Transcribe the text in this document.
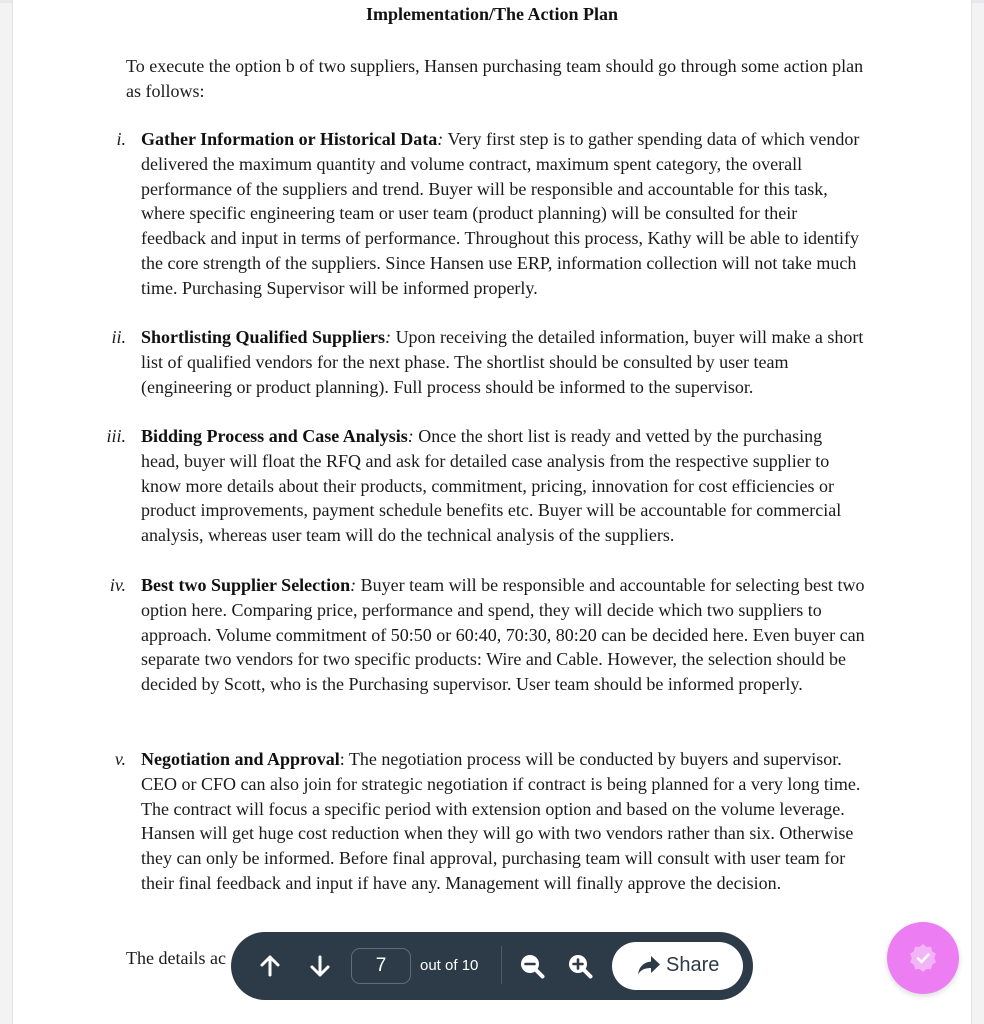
Implementation/The Action Plan
To execute the option b of two suppliers, Hansen purchasing team should go through some action plan as follows:
i. Gather Information or Historical Data: Very first step is to gather spending data of which vendor delivered the maximum quantity and volume contract, maximum spent category, the overall performance of the suppliers and trend. Buyer will be responsible and accountable for this task, where specific engineering team or user team (product planning) will be consulted for their feedback and input in terms of performance. Throughout this process, Kathy will be able to identify the core strength of the suppliers. Since Hansen use ERP, information collection will not take much time. Purchasing Supervisor will be informed properly.
ii. Shortlisting Qualified Suppliers: Upon receiving the detailed information, buyer will make a short list of qualified vendors for the next phase. The shortlist should be consulted by user team (engineering or product planning). Full process should be informed to the supervisor.
iii. Bidding Process and Case Analysis: Once the short list is ready and vetted by the purchasing head, buyer will float the RFQ and ask for detailed case analysis from the respective supplier to know more details about their products, commitment, pricing, innovation for cost efficiencies or product improvements, payment schedule benefits etc. Buyer will be accountable for commercial analysis, whereas user team will do the technical analysis of the suppliers.
iv. Best two Supplier Selection: Buyer team will be responsible and accountable for selecting best two option here. Comparing price, performance and spend, they will decide which two suppliers to approach. Volume commitment of 50:50 or 60:40, 70:30, 80:20 can be decided here. Even buyer can separate two vendors for two specific products: Wire and Cable. However, the selection should be decided by Scott, who is the Purchasing supervisor. User team should be informed properly.
v. Negotiation and Approval: The negotiation process will be conducted by buyers and supervisor. CEO or CFO can also join for strategic negotiation if contract is being planned for a very long time. The contract will focus a specific period with extension option and based on the volume leverage. Hansen will get huge cost reduction when they will go with two vendors rather than six. Otherwise they can only be informed. Before final approval, purchasing team will consult with user team for their final feedback and input if have any. Management will finally approve the decision.
The details ac	7	out of 10	Share
